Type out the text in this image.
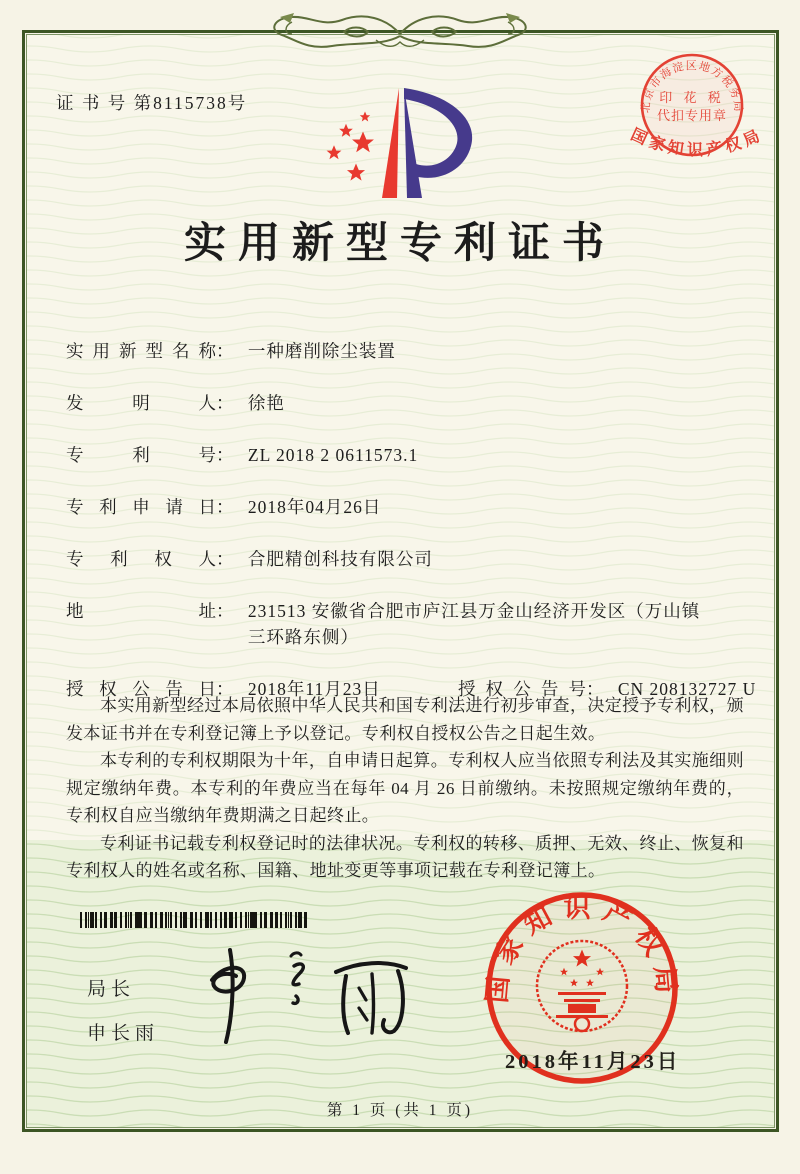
证 书 号 第8115738号	北京市海淀区地方税务局
印 花 税
代扣专用章
国家知识产权局
实用新型专利证书
实用新型名称： 一种磨削除尘装置
发明人： 徐艳
专利号： ZL 2018 2 0611573.1
专利申请日： 2018年04月26日
专利权人： 合肥精创科技有限公司
地址： 231513 安徽省合肥市庐江县万金山经济开发区（万山镇
三环路东侧）
授权公告日： 2018年11月23日	授权公告号： CN 208132727 U

本实用新型经过本局依照中华人民共和国专利法进行初步审查，决定授予专利权，颁发本证书并在专利登记簿上予以登记。专利权自授权公告之日起生效。

本专利的专利权期限为十年，自申请日起算。专利权人应当依照专利法及其实施细则规定缴纳年费。本专利的年费应当在每年 04 月 26 日前缴纳。未按照规定缴纳年费的，专利权自应当缴纳年费期满之日起终止。

专利证书记载专利权登记时的法律状况。专利权的转移、质押、无效、终止、恢复和专利权人的姓名或名称、国籍、地址变更等事项记载在专利登记簿上。

局长
申长雨
国家知识产权局
2018年11月23日
第 1 页 (共 1 页)
